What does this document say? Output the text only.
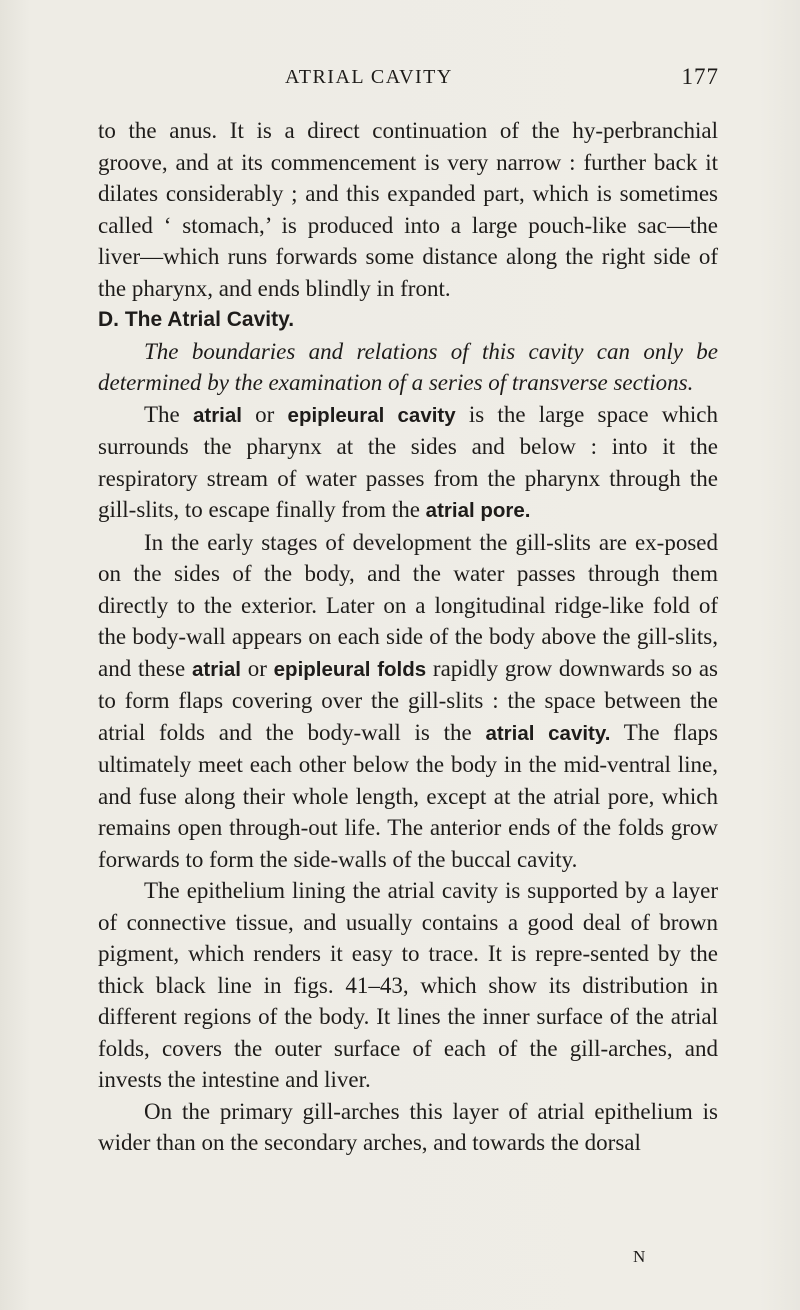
ATRIAL CAVITY	177

to the anus. It is a direct continuation of the hy-perbranchial groove, and at its commencement is very narrow : further back it dilates considerably ; and this expanded part, which is sometimes called ‘ stomach,’ is produced into a large pouch-like sac—the liver—which runs forwards some distance along the right side of the pharynx, and ends blindly in front.

D. The Atrial Cavity.

The boundaries and relations of this cavity can only be determined by the examination of a series of transverse sections.

The atrial or epipleural cavity is the large space which surrounds the pharynx at the sides and below : into it the respiratory stream of water passes from the pharynx through the gill-slits, to escape finally from the atrial pore.

In the early stages of development the gill-slits are ex-posed on the sides of the body, and the water passes through them directly to the exterior. Later on a longitudinal ridge-like fold of the body-wall appears on each side of the body above the gill-slits, and these atrial or epipleural folds rapidly grow downwards so as to form flaps covering over the gill-slits : the space between the atrial folds and the body-wall is the atrial cavity. The flaps ultimately meet each other below the body in the mid-ventral line, and fuse along their whole length, except at the atrial pore, which remains open through-out life. The anterior ends of the folds grow forwards to form the side-walls of the buccal cavity.

The epithelium lining the atrial cavity is supported by a layer of connective tissue, and usually contains a good deal of brown pigment, which renders it easy to trace. It is repre-sented by the thick black line in figs. 41–43, which show its distribution in different regions of the body. It lines the inner surface of the atrial folds, covers the outer surface of each of the gill-arches, and invests the intestine and liver.

On the primary gill-arches this layer of atrial epithelium is wider than on the secondary arches, and towards the dorsal

N
